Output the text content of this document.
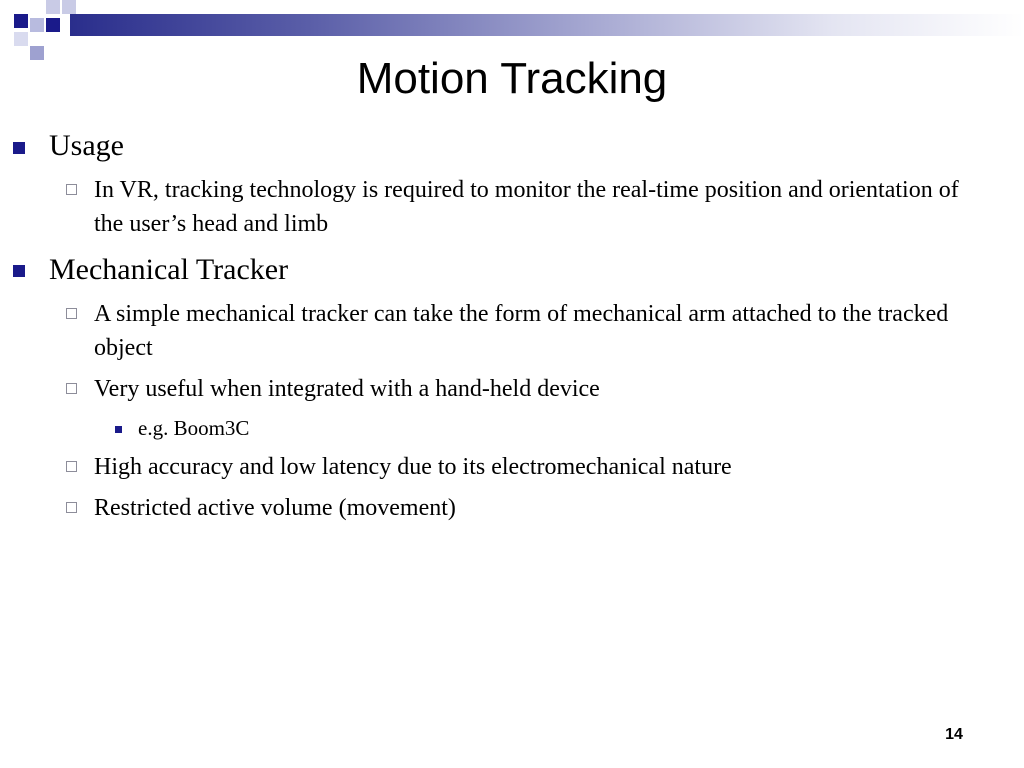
Motion Tracking
Usage
In VR, tracking technology is required to monitor the real-time position and orientation of the user’s head and limb
Mechanical Tracker
A simple mechanical tracker can take the form of mechanical arm attached to the tracked object
Very useful when integrated with a hand-held device
e.g. Boom3C
High accuracy and low latency due to its electromechanical nature
Restricted active volume (movement)
14
